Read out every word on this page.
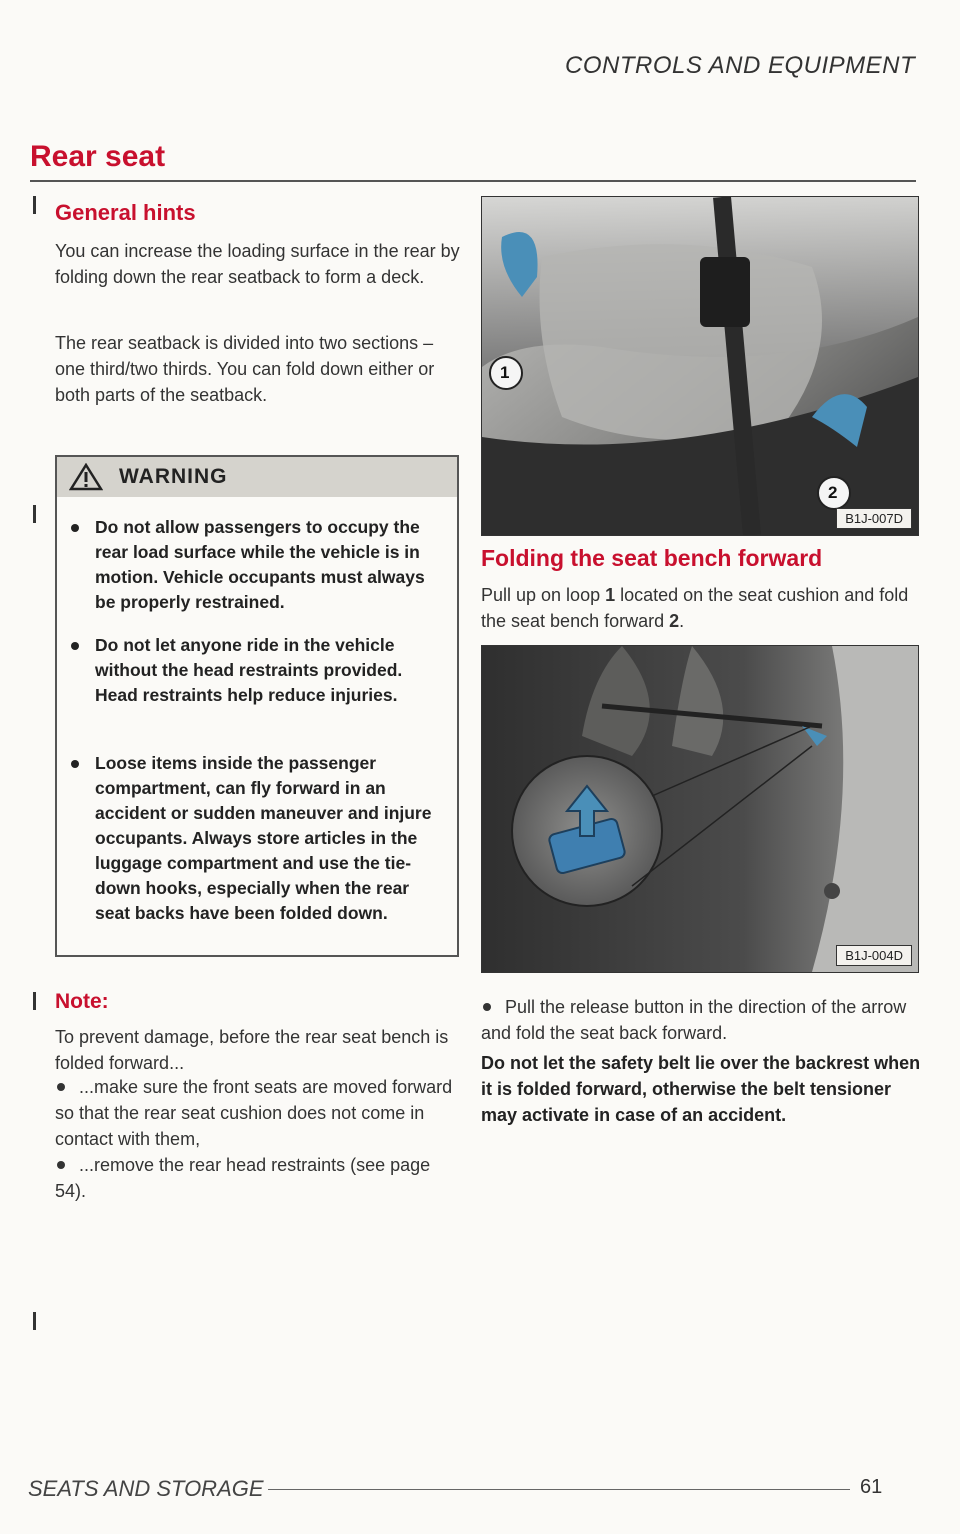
CONTROLS AND EQUIPMENT
Rear seat
General hints
You can increase the loading surface in the rear by folding down the rear seatback to form a deck.
The rear seatback is divided into two sections – one third/two thirds. You can fold down either or both parts of the seatback.
WARNING
Do not allow passengers to occupy the rear load surface while the vehicle is in motion. Vehicle occupants must always be properly restrained.
Do not let anyone ride in the vehicle without the head restraints provided. Head restraints help reduce injuries.
Loose items inside the passenger compartment, can fly forward in an accident or sudden maneuver and injure occupants. Always store articles in the luggage compartment and use the tie-down hooks, especially when the rear seat backs have been folded down.
Note:
To prevent damage, before the rear seat bench is folded forward...
...make sure the front seats are moved forward so that the rear seat cushion does not come in contact with them,
...remove the rear head restraints (see page 54).
1
2
B1J-007D
Folding the seat bench forward
Pull up on loop 1 located on the seat cushion and fold the seat bench forward 2.
B1J-004D
Pull the release button in the direction of the arrow and fold the seat back forward.
Do not let the safety belt lie over the backrest when it is folded forward, otherwise the belt tensioner may activate in case of an accident.
SEATS AND STORAGE	61
